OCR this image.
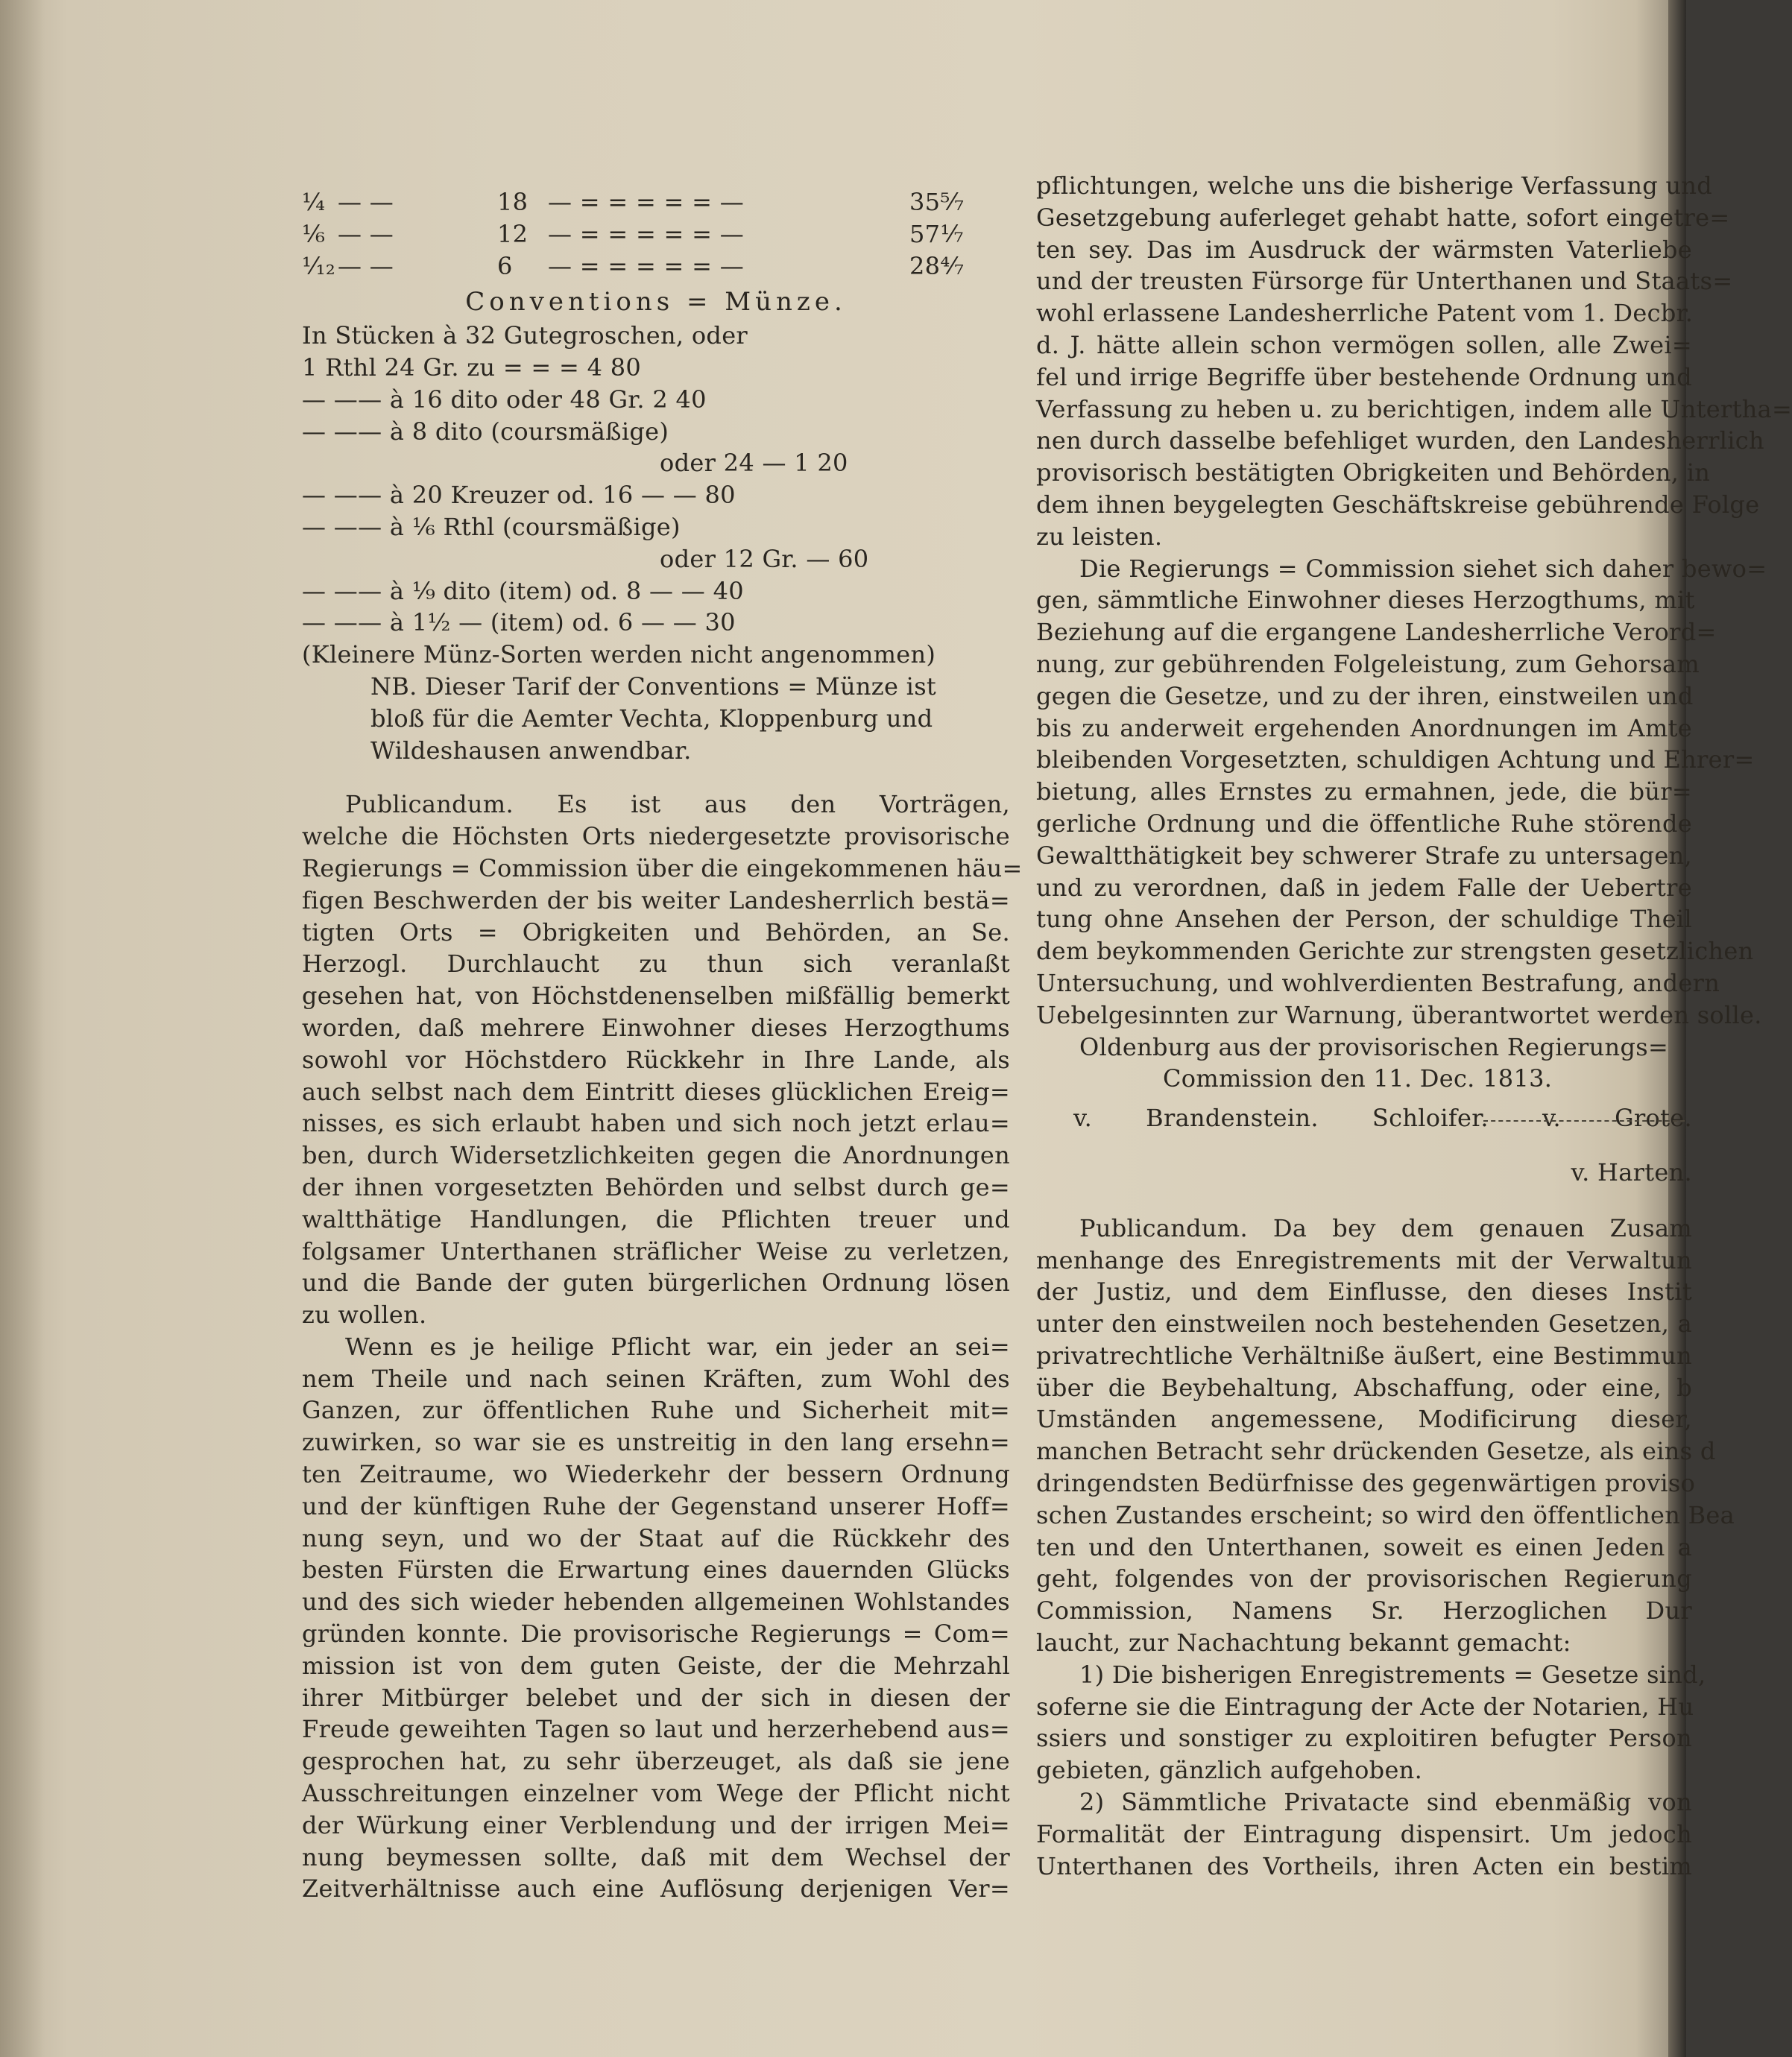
¼ — —	18 — = = = = = —	35⁵⁄₇
⅙ — —	12 — = = = = = —	57⅐
¹⁄₁₂ — —	6 — = = = = = —	28⁴⁄₇
Conventions = Münze.
In Stücken à 32 Gutegroschen, oder
1 Rthl 24 Gr. zu = = = 4 80
— —— à 16 dito oder 48 Gr. 2 40
— —— à 8 dito (coursmäßige)
oder 24 — 1 20
— —— à 20 Kreuzer od. 16 — — 80
— —— à ⅙ Rthl (coursmäßige)
oder 12 Gr. — 60
— —— à ⅑ dito (item) od. 8 — — 40
— —— à 1½ — (item) od. 6 — — 30
(Kleinere Münz-Sorten werden nicht angenommen)
NB. Dieser Tarif der Conventions = Münze ist
bloß für die Aemter Vechta, Kloppenburg und
Wildeshausen anwendbar.
Publicandum. Es ist aus den Vorträgen,
welche die Höchsten Orts niedergesetzte provisorische
Regierungs = Commission über die eingekommenen häu=
figen Beschwerden der bis weiter Landesherrlich bestä=
tigten Orts = Obrigkeiten und Behörden, an Se.
Herzogl. Durchlaucht zu thun sich veranlaßt
gesehen hat, von Höchstdenenselben mißfällig bemerkt
worden, daß mehrere Einwohner dieses Herzogthums
sowohl vor Höchstdero Rückkehr in Ihre Lande, als
auch selbst nach dem Eintritt dieses glücklichen Ereig=
nisses, es sich erlaubt haben und sich noch jetzt erlau=
ben, durch Widersetzlichkeiten gegen die Anordnungen
der ihnen vorgesetzten Behörden und selbst durch ge=
waltthätige Handlungen, die Pflichten treuer und
folgsamer Unterthanen sträflicher Weise zu verletzen,
und die Bande der guten bürgerlichen Ordnung lösen
zu wollen.
Wenn es je heilige Pflicht war, ein jeder an sei=
nem Theile und nach seinen Kräften, zum Wohl des
Ganzen, zur öffentlichen Ruhe und Sicherheit mit=
zuwirken, so war sie es unstreitig in den lang ersehn=
ten Zeitraume, wo Wiederkehr der bessern Ordnung
und der künftigen Ruhe der Gegenstand unserer Hoff=
nung seyn, und wo der Staat auf die Rückkehr des
besten Fürsten die Erwartung eines dauernden Glücks
und des sich wieder hebenden allgemeinen Wohlstandes
gründen konnte. Die provisorische Regierungs = Com=
mission ist von dem guten Geiste, der die Mehrzahl
ihrer Mitbürger belebet und der sich in diesen der
Freude geweihten Tagen so laut und herzerhebend aus=
gesprochen hat, zu sehr überzeuget, als daß sie jene
Ausschreitungen einzelner vom Wege der Pflicht nicht
der Würkung einer Verblendung und der irrigen Mei=
nung beymessen sollte, daß mit dem Wechsel der
Zeitverhältnisse auch eine Auflösung derjenigen Ver=
pflichtungen, welche uns die bisherige Verfassung und
Gesetzgebung auferleget gehabt hatte, sofort eingetre=
ten sey. Das im Ausdruck der wärmsten Vaterliebe
und der treusten Fürsorge für Unterthanen und Staats=
wohl erlassene Landesherrliche Patent vom 1. Decbr.
d. J. hätte allein schon vermögen sollen, alle Zwei=
fel und irrige Begriffe über bestehende Ordnung und
Verfassung zu heben u. zu berichtigen, indem alle Untertha=
nen durch dasselbe befehliget wurden, den Landesherrlich
provisorisch bestätigten Obrigkeiten und Behörden, in
dem ihnen beygelegten Geschäftskreise gebührende Folge
zu leisten.
Die Regierungs = Commission siehet sich daher bewo=
gen, sämmtliche Einwohner dieses Herzogthums, mit
Beziehung auf die ergangene Landesherrliche Verord=
nung, zur gebührenden Folgeleistung, zum Gehorsam
gegen die Gesetze, und zu der ihren, einstweilen und
bis zu anderweit ergehenden Anordnungen im Amte
bleibenden Vorgesetzten, schuldigen Achtung und Ehrer=
bietung, alles Ernstes zu ermahnen, jede, die bür=
gerliche Ordnung und die öffentliche Ruhe störende
Gewaltthätigkeit bey schwerer Strafe zu untersagen,
und zu verordnen, daß in jedem Falle der Uebertre
tung ohne Ansehen der Person, der schuldige Theil
dem beykommenden Gerichte zur strengsten gesetzlichen
Untersuchung, und wohlverdienten Bestrafung, andern
Uebelgesinnten zur Warnung, überantwortet werden solle.
Oldenburg aus der provisorischen Regierungs=
Commission den 11. Dec. 1813.
v. Brandenstein. Schloifer. v. Grote.
v. Harten.
Publicandum. Da bey dem genauen Zusam
menhange des Enregistrements mit der Verwaltun
der Justiz, und dem Einflusse, den dieses Instit
unter den einstweilen noch bestehenden Gesetzen, a
privatrechtliche Verhältniße äußert, eine Bestimmun
über die Beybehaltung, Abschaffung, oder eine, b
Umständen angemessene, Modificirung dieser,
manchen Betracht sehr drückenden Gesetze, als eins d
dringendsten Bedürfnisse des gegenwärtigen proviso
schen Zustandes erscheint; so wird den öffentlichen Bea
ten und den Unterthanen, soweit es einen Jeden a
geht, folgendes von der provisorischen Regierung
Commission, Namens Sr. Herzoglichen Dur
laucht, zur Nachachtung bekannt gemacht:
1) Die bisherigen Enregistrements = Gesetze sind,
soferne sie die Eintragung der Acte der Notarien, Hu
ssiers und sonstiger zu exploitiren befugter Person
gebieten, gänzlich aufgehoben.
2) Sämmtliche Privatacte sind ebenmäßig von
Formalität der Eintragung dispensirt. Um jedoch
Unterthanen des Vortheils, ihren Acten ein bestim
